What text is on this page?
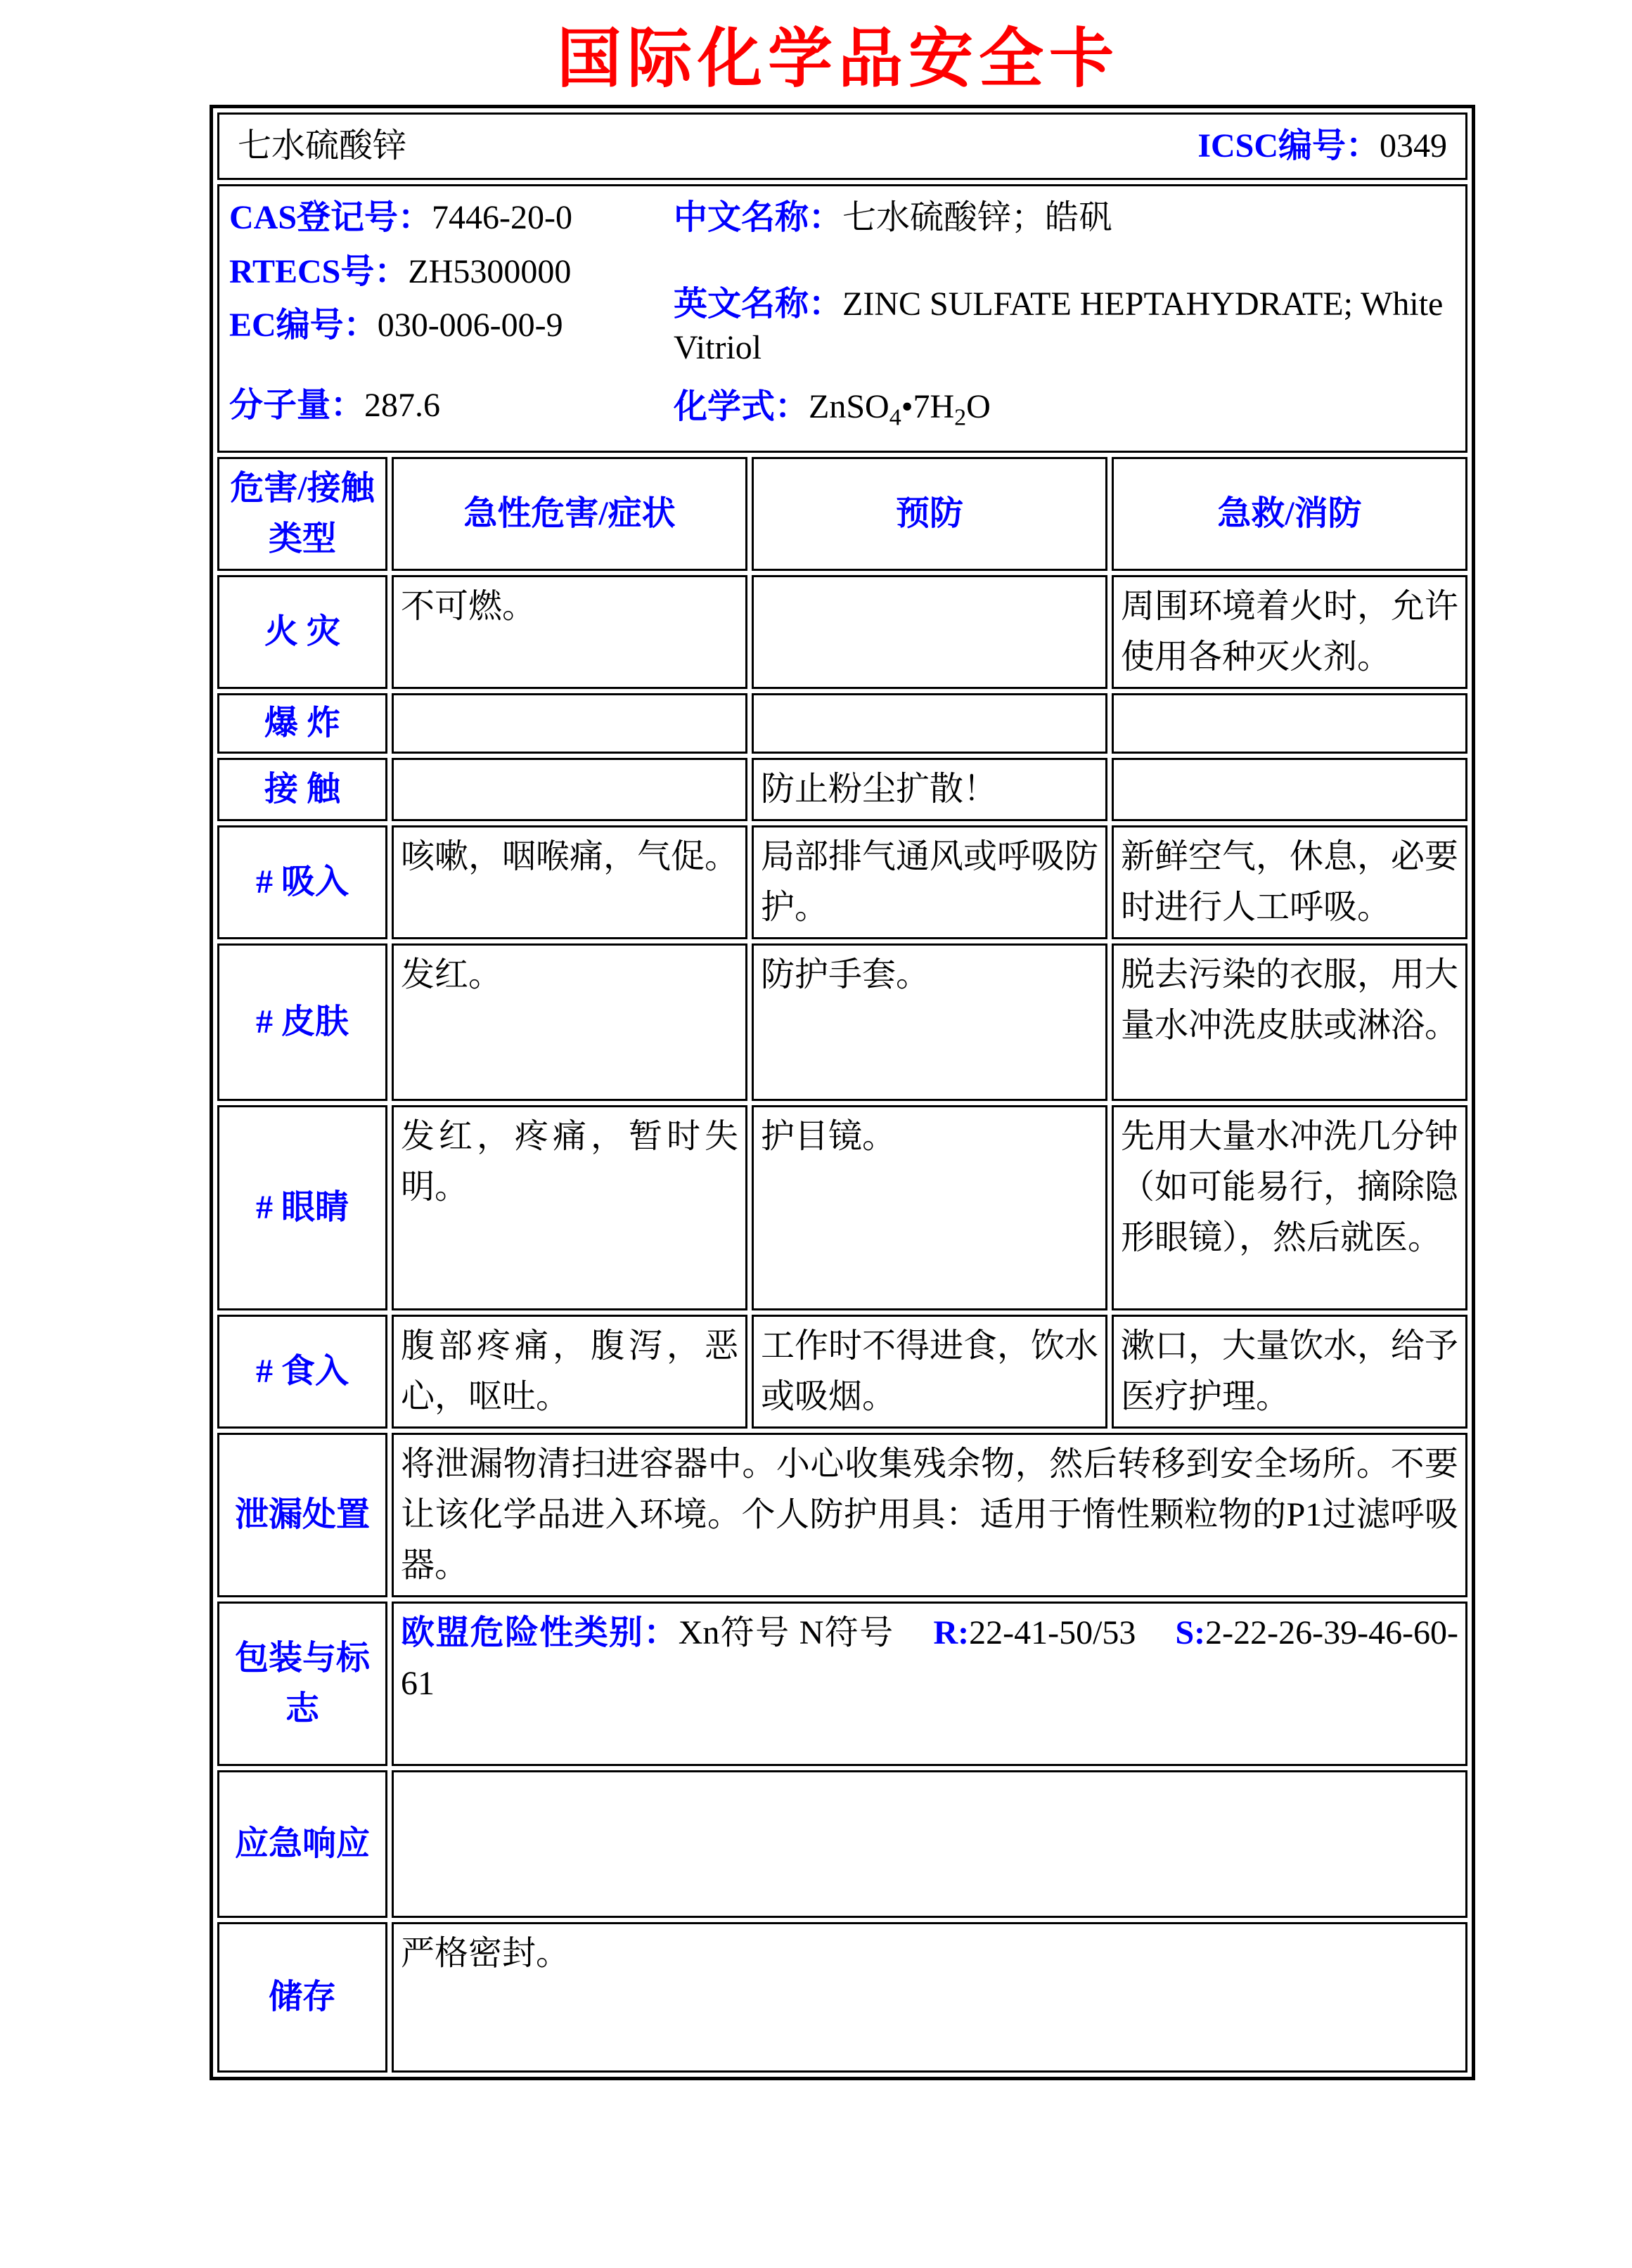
国际化学品安全卡
七水硫酸锌 ICSC编号：0349			

CAS登记号：7446-20-0
RTECS号：ZH5300000
EC编号：030-006-00-9
分子量：287.6
中文名称：七水硫酸锌；皓矾
英文名称：ZINC SULFATE HEPTAHYDRATE; White Vitriol
化学式：$ZnSO_4•7H_2O$

危害/接触类型	急性危害/症状	预防	急救/消防
火 灾	不可燃。		周围环境着火时，允许使用各种灭火剂。
爆 炸			
接 触		防止粉尘扩散！	
# 吸入	咳嗽，咽喉痛，气促。	局部排气通风或呼吸防护。	新鲜空气，休息，必要时进行人工呼吸。
# 皮肤	发红。	防护手套。	脱去污染的衣服，用大量水冲洗皮肤或淋浴。
# 眼睛	发红，疼痛，暂时失明。	护目镜。	先用大量水冲洗几分钟（如可能易行，摘除隐形眼镜），然后就医。
# 食入	腹部疼痛，腹泻，恶心，呕吐。	工作时不得进食，饮水或吸烟。	漱口，大量饮水，给予医疗护理。
泄漏处置	将泄漏物清扫进容器中。小心收集残余物，然后转移到安全场所。不要让该化学品进入环境。个人防护用具：适用于惰性颗粒物的P1过滤呼吸器。		
包装与标志	欧盟危险性类别：Xn符号 N符号 R:22-41-50/53 S:2-22-26-39-46-60-61		
应急响应			
储存	严格密封。		
